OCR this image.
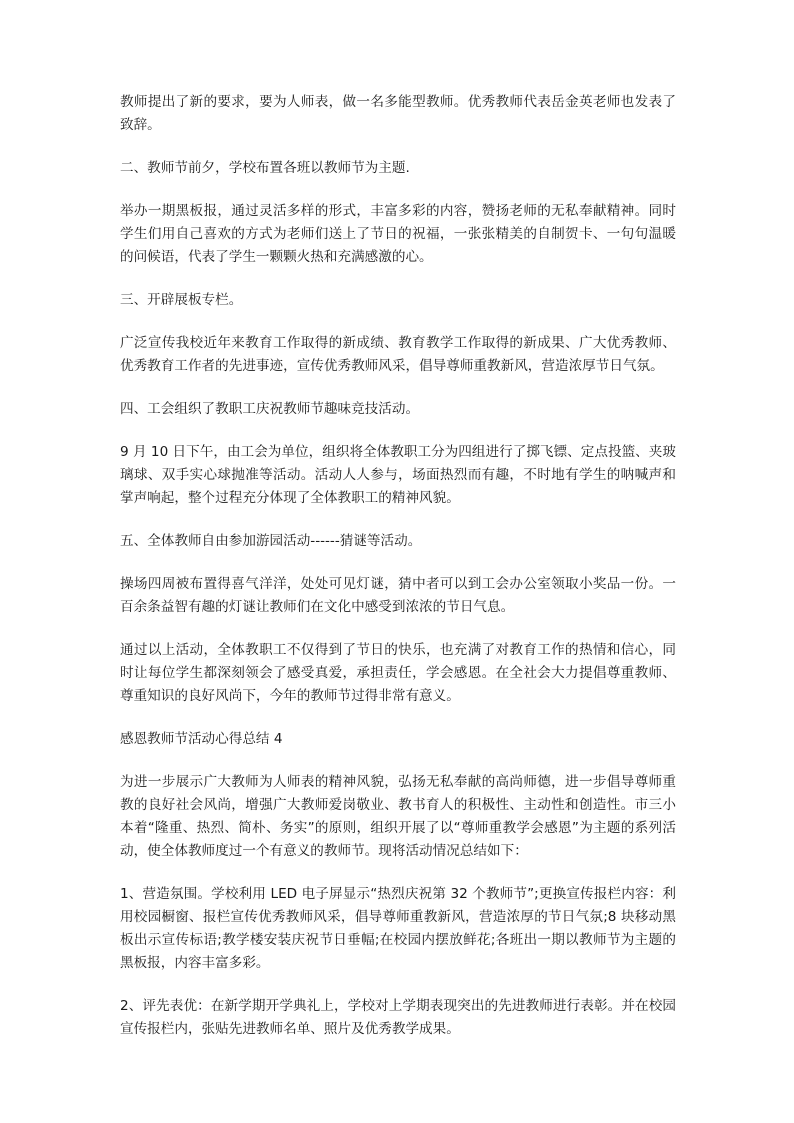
教师提出了新的要求，要为人师表，做一名多能型教师。优秀教师代表岳金英老师也发表了致辞。

二、教师节前夕，学校布置各班以教师节为主题.

举办一期黑板报，通过灵活多样的形式，丰富多彩的内容，赞扬老师的无私奉献精神。同时学生们用自己喜欢的方式为老师们送上了节日的祝福，一张张精美的自制贺卡、一句句温暖的问候语，代表了学生一颗颗火热和充满感激的心。

三、开辟展板专栏。

广泛宣传我校近年来教育工作取得的新成绩、教育教学工作取得的新成果、广大优秀教师、优秀教育工作者的先进事迹，宣传优秀教师风采，倡导尊师重教新风，营造浓厚节日气氛。

四、工会组织了教职工庆祝教师节趣味竞技活动。

9 月 10 日下午，由工会为单位，组织将全体教职工分为四组进行了掷飞镖、定点投篮、夹玻璃球、双手实心球抛准等活动。活动人人参与，场面热烈而有趣，不时地有学生的呐喊声和掌声响起，整个过程充分体现了全体教职工的精神风貌。

五、全体教师自由参加游园活动------猜谜等活动。

操场四周被布置得喜气洋洋，处处可见灯谜，猜中者可以到工会办公室领取小奖品一份。一百余条益智有趣的灯谜让教师们在文化中感受到浓浓的节日气息。

通过以上活动，全体教职工不仅得到了节日的快乐，也充满了对教育工作的热情和信心，同时让每位学生都深刻领会了感受真爱，承担责任，学会感恩。在全社会大力提倡尊重教师、尊重知识的良好风尚下，今年的教师节过得非常有意义。

感恩教师节活动心得总结 4

为进一步展示广大教师为人师表的精神风貌，弘扬无私奉献的高尚师德，进一步倡导尊师重教的良好社会风尚，增强广大教师爱岗敬业、教书育人的积极性、主动性和创造性。市三小本着“隆重、热烈、简朴、务实”的原则，组织开展了以“尊师重教学会感恩”为主题的系列活动，使全体教师度过一个有意义的教师节。现将活动情况总结如下：

1、营造氛围。学校利用 LED 电子屏显示“热烈庆祝第 32 个教师节”;更换宣传报栏内容：利用校园橱窗、报栏宣传优秀教师风采，倡导尊师重教新风，营造浓厚的节日气氛;8 块移动黑板出示宣传标语;教学楼安装庆祝节日垂幅;在校园内摆放鲜花;各班出一期以教师节为主题的黑板报，内容丰富多彩。

2、评先表优：在新学期开学典礼上，学校对上学期表现突出的先进教师进行表彰。并在校园宣传报栏内，张贴先进教师名单、照片及优秀教学成果。
